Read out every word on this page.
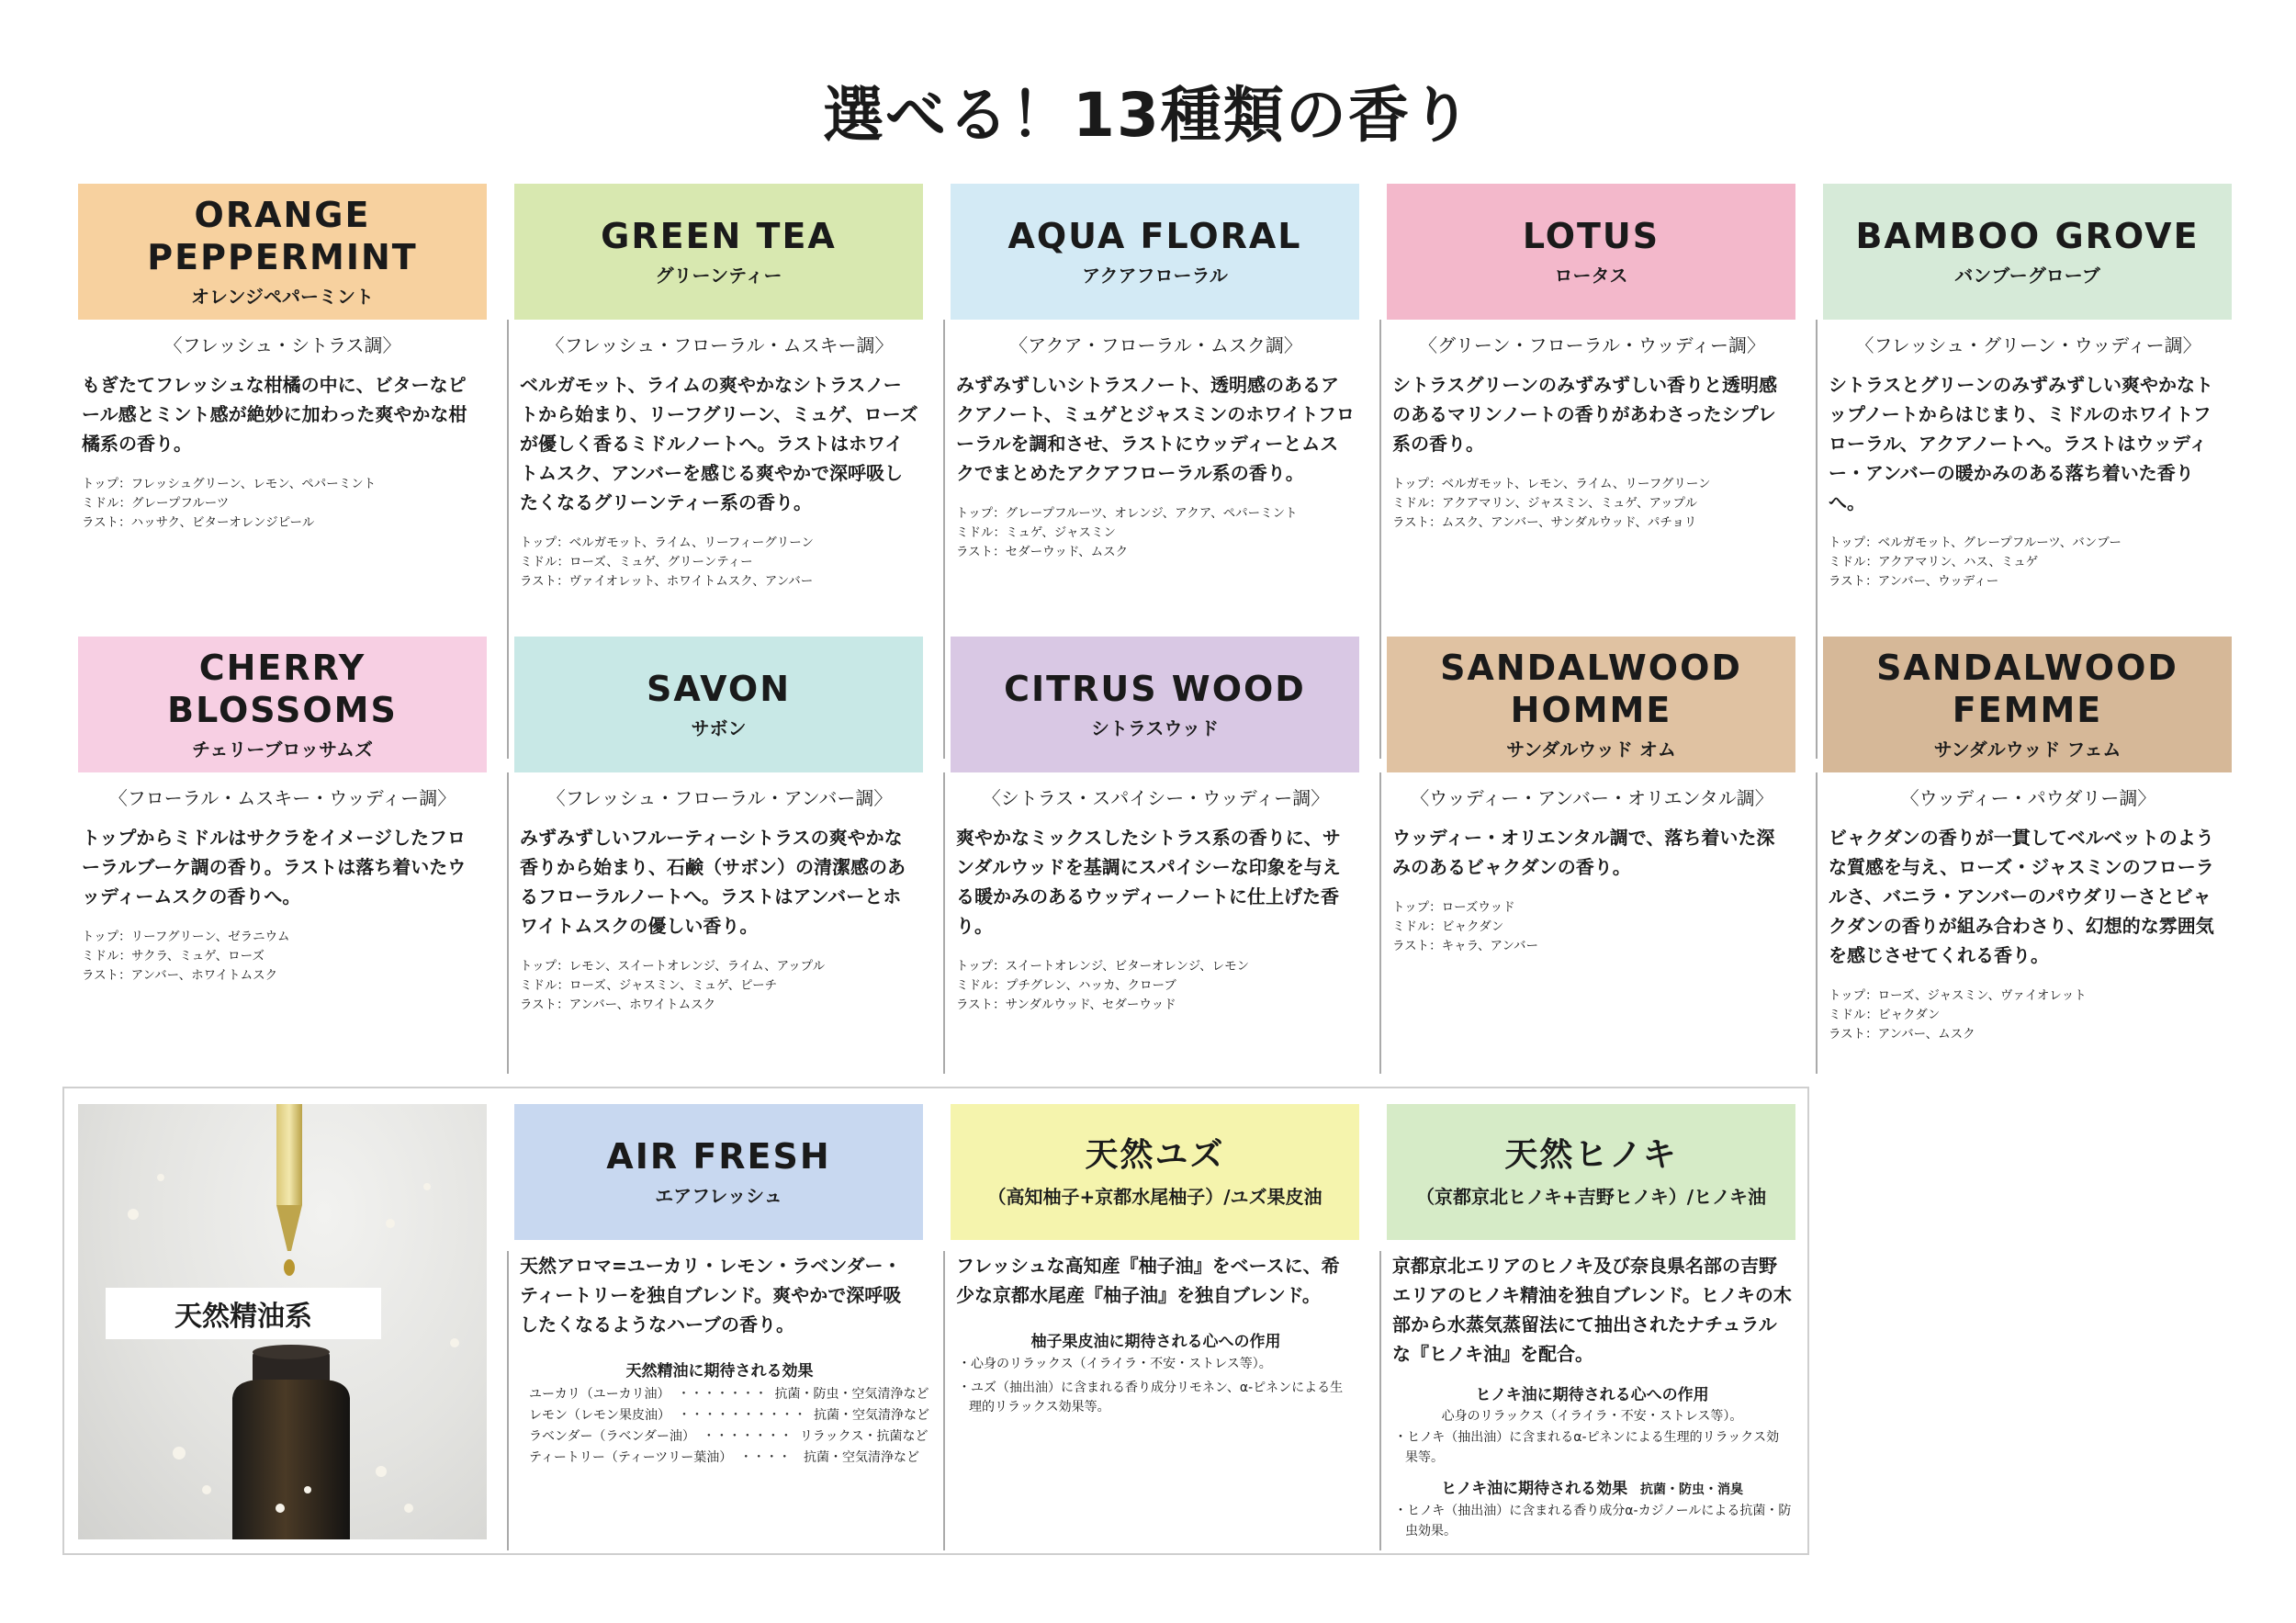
選べる！13種類の香り
ORANGE
PEPPERMINT
オレンジペパーミント
〈フレッシュ・シトラス調〉
もぎたてフレッシュな柑橘の中に、ビターなピール感とミント感が絶妙に加わった爽やかな柑橘系の香り。
トップ：フレッシュグリーン、レモン、ペパーミント
ミドル：グレープフルーツ
ラスト：ハッサク、ビターオレンジピール
GREEN TEA
グリーンティー
〈フレッシュ・フローラル・ムスキー調〉
ベルガモット、ライムの爽やかなシトラスノートから始まり、リーフグリーン、ミュゲ、ローズが優しく香るミドルノートへ。ラストはホワイトムスク、アンバーを感じる爽やかで深呼吸したくなるグリーンティー系の香り。
トップ：ベルガモット、ライム、リーフィーグリーン
ミドル：ローズ、ミュゲ、グリーンティー
ラスト：ヴァイオレット、ホワイトムスク、アンバー
AQUA FLORAL
アクアフローラル
〈アクア・フローラル・ムスク調〉
みずみずしいシトラスノート、透明感のあるアクアノート、ミュゲとジャスミンのホワイトフローラルを調和させ、ラストにウッディーとムスクでまとめたアクアフローラル系の香り。
トップ：グレープフルーツ、オレンジ、アクア、ペパーミント
ミドル：ミュゲ、ジャスミン
ラスト：セダーウッド、ムスク
LOTUS
ロータス
〈グリーン・フローラル・ウッディー調〉
シトラスグリーンのみずみずしい香りと透明感のあるマリンノートの香りがあわさったシプレ系の香り。
トップ：ベルガモット、レモン、ライム、リーフグリーン
ミドル：アクアマリン、ジャスミン、ミュゲ、アップル
ラスト：ムスク、アンバー、サンダルウッド、パチョリ
BAMBOO GROVE
バンブーグローブ
〈フレッシュ・グリーン・ウッディー調〉
シトラスとグリーンのみずみずしい爽やかなトップノートからはじまり、ミドルのホワイトフローラル、アクアノートへ。ラストはウッディー・アンバーの暖かみのある落ち着いた香りへ。
トップ：ベルガモット、グレープフルーツ、バンブー
ミドル：アクアマリン、ハス、ミュゲ
ラスト：アンバー、ウッディー
CHERRY
BLOSSOMS
チェリーブロッサムズ
〈フローラル・ムスキー・ウッディー調〉
トップからミドルはサクラをイメージしたフローラルブーケ調の香り。ラストは落ち着いたウッディームスクの香りへ。
トップ：リーフグリーン、ゼラニウム
ミドル：サクラ、ミュゲ、ローズ
ラスト：アンバー、ホワイトムスク
SAVON
サボン
〈フレッシュ・フローラル・アンバー調〉
みずみずしいフルーティーシトラスの爽やかな香りから始まり、石鹸（サボン）の清潔感のあるフローラルノートへ。ラストはアンバーとホワイトムスクの優しい香り。
トップ：レモン、スイートオレンジ、ライム、アップル
ミドル：ローズ、ジャスミン、ミュゲ、ピーチ
ラスト：アンバー、ホワイトムスク
CITRUS WOOD
シトラスウッド
〈シトラス・スパイシー・ウッディー調〉
爽やかなミックスしたシトラス系の香りに、サンダルウッドを基調にスパイシーな印象を与える暖かみのあるウッディーノートに仕上げた香り。
トップ：スイートオレンジ、ビターオレンジ、レモン
ミドル：プチグレン、ハッカ、クローブ
ラスト：サンダルウッド、セダーウッド
SANDALWOOD
HOMME
サンダルウッド オム
〈ウッディー・アンバー・オリエンタル調〉
ウッディー・オリエンタル調で、落ち着いた深みのあるビャクダンの香り。
トップ：ローズウッド
ミドル：ビャクダン
ラスト：キャラ、アンバー
SANDALWOOD
FEMME
サンダルウッド フェム
〈ウッディー・パウダリー調〉
ビャクダンの香りが一貫してベルベットのような質感を与え、ローズ・ジャスミンのフローラルさ、バニラ・アンバーのパウダリーさとビャクダンの香りが組み合わさり、幻想的な雰囲気を感じさせてくれる香り。
トップ：ローズ、ジャスミン、ヴァイオレット
ミドル：ビャクダン
ラスト：アンバー、ムスク
天然精油系
AIR FRESH
エアフレッシュ
天然アロマ=ユーカリ・レモン・ラベンダー・ティートリーを独自ブレンド。爽やかで深呼吸したくなるようなハーブの香り。
天然精油に期待される効果
ユーカリ（ユーカリ油） ・・・・・・・ 抗菌・防虫・空気清浄など
レモン（レモン果皮油） ・・・・・・・・・・ 抗菌・空気清浄など
ラベンダー（ラベンダー油） ・・・・・・・ リラックス・抗菌など
ティートリー（ティーツリー葉油） ・・・・ 抗菌・空気清浄など
天然ユズ
（高知柚子+京都水尾柚子）/ユズ果皮油
フレッシュな高知産『柚子油』をベースに、希少な京都水尾産『柚子油』を独自ブレンド。
柚子果皮油に期待される心への作用
・心身のリラックス（イライラ・不安・ストレス等）。
・ユズ（抽出油）に含まれる香り成分リモネン、α-ピネンによる生理的リラックス効果等。
天然ヒノキ
（京都京北ヒノキ+吉野ヒノキ）/ヒノキ油
京都京北エリアのヒノキ及び奈良県名部の吉野エリアのヒノキ精油を独自ブレンド。ヒノキの木部から水蒸気蒸留法にて抽出されたナチュラルな『ヒノキ油』を配合。
ヒノキ油に期待される心への作用
心身のリラックス（イライラ・不安・ストレス等）。
・ヒノキ（抽出油）に含まれるα-ピネンによる生理的リラックス効果等。
ヒノキ油に期待される効果 抗菌・防虫・消臭
・ヒノキ（抽出油）に含まれる香り成分α-カジノールによる抗菌・防虫効果。
